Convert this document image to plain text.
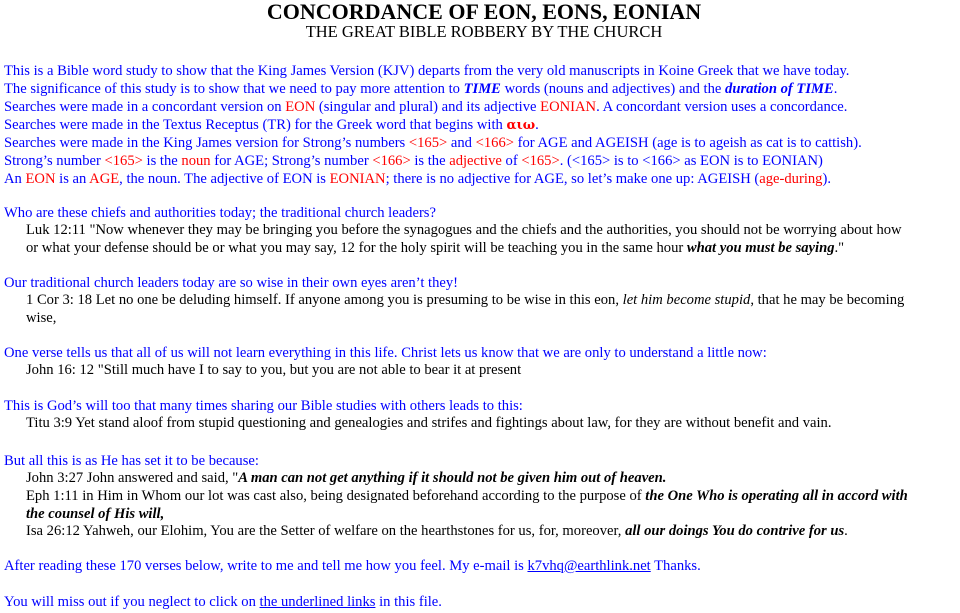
CONCORDANCE OF EON, EONS, EONIAN
THE GREAT BIBLE ROBBERY BY THE CHURCH
This is a Bible word study to show that the King James Version (KJV) departs from the very old manuscripts in Koine Greek that we have today.
The significance of this study is to show that we need to pay more attention to TIME words (nouns and adjectives) and the duration of TIME.
Searches were made in a concordant version on EON (singular and plural) and its adjective EONIAN. A concordant version uses a concordance.
Searches were made in the Textus Receptus (TR) for the Greek word that begins with αιω.
Searches were made in the King James version for Strong’s numbers <165> and <166> for AGE and AGEISH (age is to ageish as cat is to cattish).
Strong’s number <165> is the noun for AGE; Strong’s number <166> is the adjective of <165>. (<165> is to <166> as EON is to EONIAN)
An EON is an AGE, the noun. The adjective of EON is EONIAN; there is no adjective for AGE, so let’s make one up: AGEISH (age-during).
Who are these chiefs and authorities today; the traditional church leaders?
Luk 12:11 "Now whenever they may be bringing you before the synagogues and the chiefs and the authorities, you should not be worrying about how
or what your defense should be or what you may say, 12 for the holy spirit will be teaching you in the same hour what you must be saying."
Our traditional church leaders today are so wise in their own eyes aren’t they!
1 Cor 3: 18 Let no one be deluding himself. If anyone among you is presuming to be wise in this eon, let him become stupid, that he may be becoming
wise,
One verse tells us that all of us will not learn everything in this life. Christ lets us know that we are only to understand a little now:
John 16: 12 "Still much have I to say to you, but you are not able to bear it at present
This is God’s will too that many times sharing our Bible studies with others leads to this:
Titu 3:9 Yet stand aloof from stupid questioning and genealogies and strifes and fightings about law, for they are without benefit and vain.
But all this is as He has set it to be because:
John 3:27 John answered and said, "A man can not get anything if it should not be given him out of heaven.
Eph 1:11 in Him in Whom our lot was cast also, being designated beforehand according to the purpose of the One Who is operating all in accord with
the counsel of His will,
Isa 26:12 Yahweh, our Elohim, You are the Setter of welfare on the hearthstones for us, for, moreover, all our doings You do contrive for us.
After reading these 170 verses below, write to me and tell me how you feel. My e-mail is k7vhq@earthlink.net Thanks.
You will miss out if you neglect to click on the underlined links in this file.
